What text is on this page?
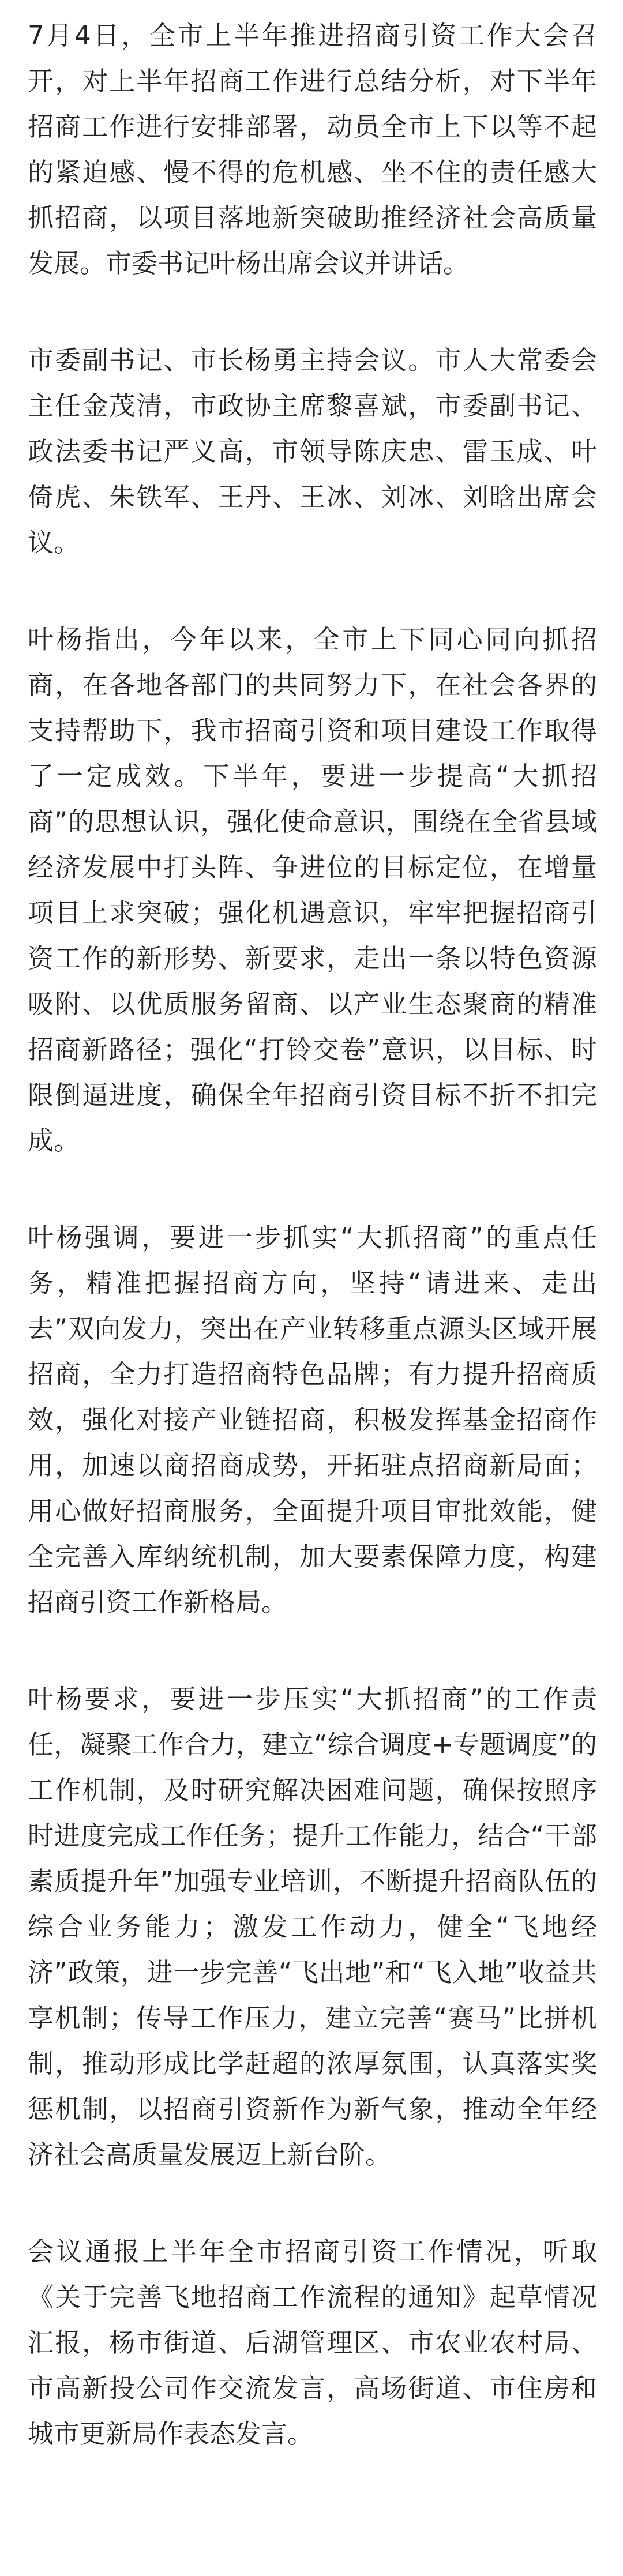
7月4日，全市上半年推进招商引资工作大会召开，对上半年招商工作进行总结分析，对下半年招商工作进行安排部署，动员全市上下以等不起的紧迫感、慢不得的危机感、坐不住的责任感大抓招商，以项目落地新突破助推经济社会高质量发展。市委书记叶杨出席会议并讲话。

市委副书记、市长杨勇主持会议。市人大常委会主任金茂清，市政协主席黎喜斌，市委副书记、政法委书记严义高，市领导陈庆忠、雷玉成、叶倚虎、朱铁军、王丹、王冰、刘冰、刘晗出席会议。

叶杨指出，今年以来，全市上下同心同向抓招商，在各地各部门的共同努力下，在社会各界的支持帮助下，我市招商引资和项目建设工作取得了一定成效。下半年，要进一步提高“大抓招商”的思想认识，强化使命意识，围绕在全省县域经济发展中打头阵、争进位的目标定位，在增量项目上求突破；强化机遇意识，牢牢把握招商引资工作的新形势、新要求，走出一条以特色资源吸附、以优质服务留商、以产业生态聚商的精准招商新路径；强化“打铃交卷”意识，以目标、时限倒逼进度，确保全年招商引资目标不折不扣完成。

叶杨强调，要进一步抓实“大抓招商”的重点任务，精准把握招商方向，坚持“请进来、走出去”双向发力，突出在产业转移重点源头区域开展招商，全力打造招商特色品牌；有力提升招商质效，强化对接产业链招商，积极发挥基金招商作用，加速以商招商成势，开拓驻点招商新局面；用心做好招商服务，全面提升项目审批效能，健全完善入库纳统机制，加大要素保障力度，构建招商引资工作新格局。

叶杨要求，要进一步压实“大抓招商”的工作责任，凝聚工作合力，建立“综合调度+专题调度”的工作机制，及时研究解决困难问题，确保按照序时进度完成工作任务；提升工作能力，结合“干部素质提升年”加强专业培训，不断提升招商队伍的综合业务能力；激发工作动力，健全“飞地经济”政策，进一步完善“飞出地”和“飞入地”收益共享机制；传导工作压力，建立完善“赛马”比拼机制，推动形成比学赶超的浓厚氛围，认真落实奖惩机制，以招商引资新作为新气象，推动全年经济社会高质量发展迈上新台阶。

会议通报上半年全市招商引资工作情况，听取《关于完善飞地招商工作流程的通知》起草情况汇报，杨市街道、后湖管理区、市农业农村局、市高新投公司作交流发言，高场街道、市住房和城市更新局作表态发言。
